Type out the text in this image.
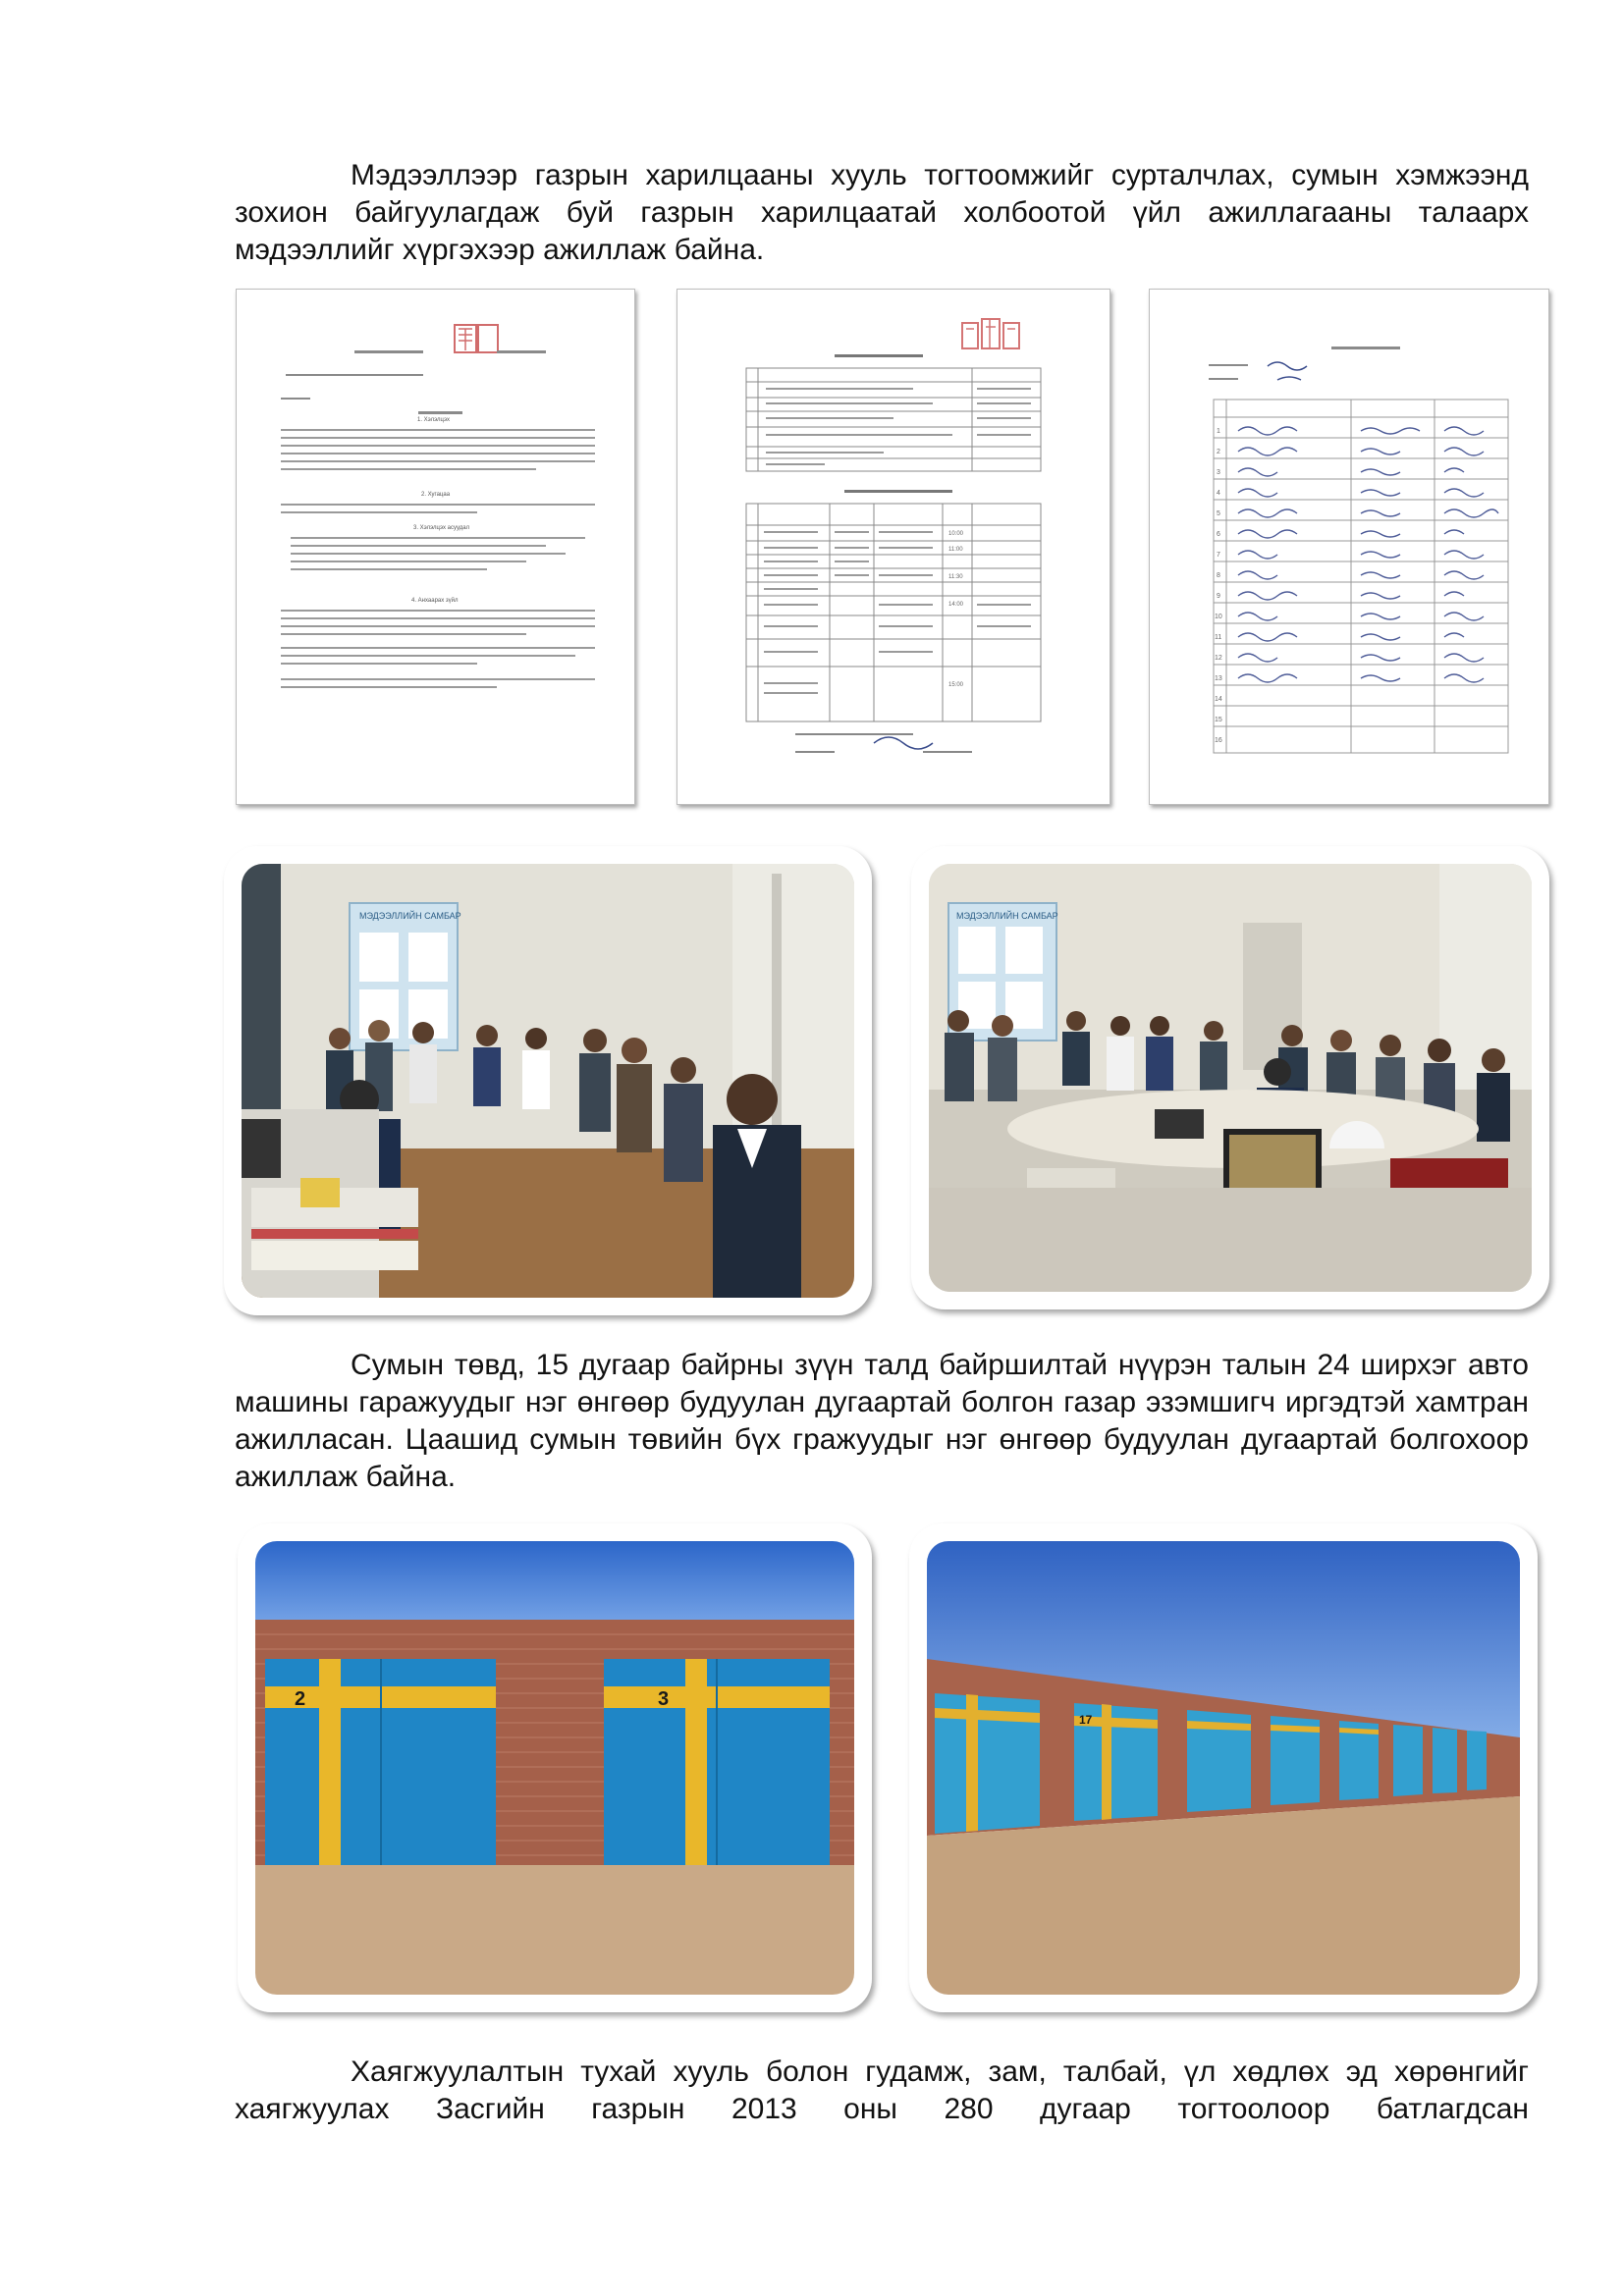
Мэдээллээр газрын харилцааны хууль тогтоомжийг сурталчлах, сумын хэмжээнд зохион байгуулагдаж буй газрын харилцаатай холбоотой үйл ажиллагааны талаарх мэдээллийг хүргэхээр ажиллаж байна.

1. Хэлэлцэх
2. Хугацаа
3. Хэлэлцэх асуудал
4. Анхаарах зүйл
10:00
11:00
11:30
14:00
15:00
1
2
3
4
5
6
7
8
9
10
11
12
13
14
15
16
МЭДЭЭЛЛИЙН САМБАР	МЭДЭЭЛЛИЙН САМБАР

Сумын төвд, 15 дугаар байрны зүүн талд байршилтай нүүрэн талын 24 ширхэг авто машины гаражуудыг нэг өнгөөр будуулан дугаартай болгон газар эзэмшигч иргэдтэй хамтран ажилласан. Цаашид сумын төвийн бүх гражуудыг нэг өнгөөр будуулан дугаартай болгохоор ажиллаж байна.

2	3
17

Хаягжуулалтын тухай хууль болон гудамж, зам, талбай, үл хөдлөх эд хөрөнгийг хаягжуулах Засгийн газрын 2013 оны 280 дугаар тогтоолоор батлагдсан
